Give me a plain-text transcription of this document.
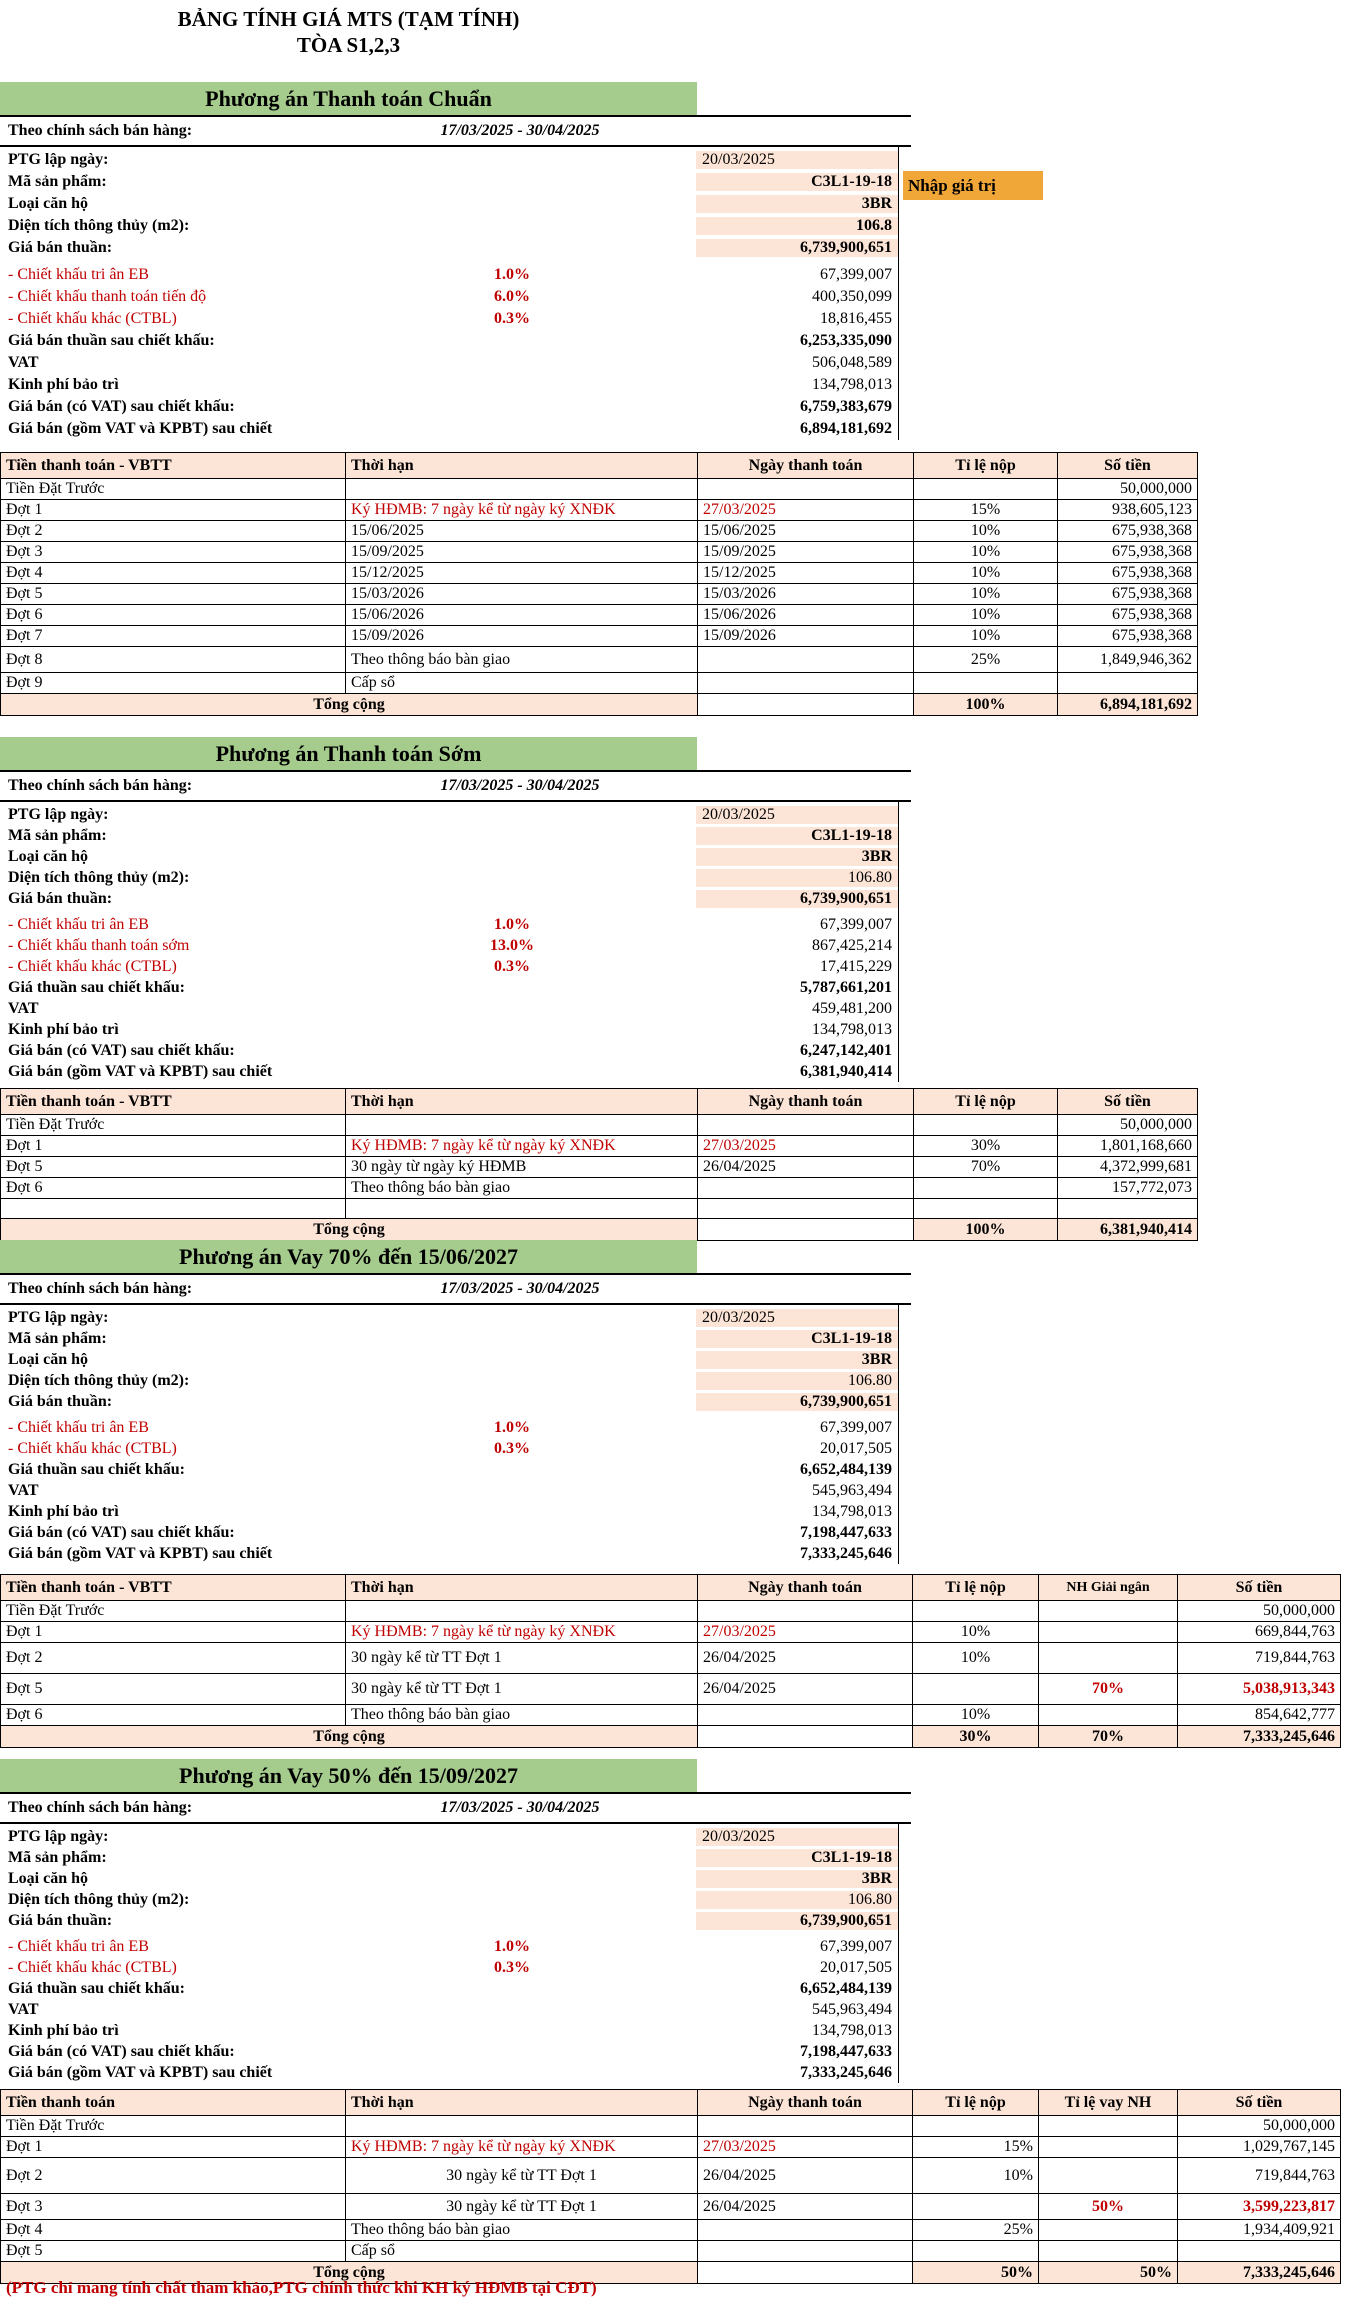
BẢNG TÍNH GIÁ MTS (TẠM TÍNH)
TÒA S1,2,3
Phương án Thanh toán Chuẩn
Theo chính sách bán hàng:	17/03/2025 - 30/04/2025
Nhập giá trị
PTG lập ngày:	20/03/2025
Mã sản phẩm:	C3L1-19-18
Loại căn hộ	3BR
Diện tích thông thủy (m2):	106.8
Giá bán thuần:	6,739,900,651
- Chiết khấu tri ân EB	1.0%	67,399,007
- Chiết khấu thanh toán tiến độ	6.0%	400,350,099
- Chiết khấu khác (CTBL)	0.3%	18,816,455
Giá bán thuần sau chiết khấu:	6,253,335,090
VAT	506,048,589
Kinh phí bảo trì	134,798,013
Giá bán (có VAT) sau chiết khấu:	6,759,383,679
Giá bán (gồm VAT và KPBT) sau chiết	6,894,181,692
Tiền thanh toán - VBTT	Thời hạn	Ngày thanh toán	Tỉ lệ nộp	Số tiền
Tiền Đặt Trước				50,000,000
Đợt 1	Ký HĐMB: 7 ngày kể từ ngày ký XNĐK	27/03/2025	15%	938,605,123
Đợt 2	15/06/2025	15/06/2025	10%	675,938,368
Đợt 3	15/09/2025	15/09/2025	10%	675,938,368
Đợt 4	15/12/2025	15/12/2025	10%	675,938,368
Đợt 5	15/03/2026	15/03/2026	10%	675,938,368
Đợt 6	15/06/2026	15/06/2026	10%	675,938,368
Đợt 7	15/09/2026	15/09/2026	10%	675,938,368
Đợt 8	Theo thông báo bàn giao		25%	1,849,946,362
Đợt 9	Cấp sổ			
Tổng cộng			100%	6,894,181,692
Phương án Thanh toán Sớm
Theo chính sách bán hàng:	17/03/2025 - 30/04/2025
PTG lập ngày:	20/03/2025
Mã sản phẩm:	C3L1-19-18
Loại căn hộ	3BR
Diện tích thông thủy (m2):	106.80
Giá bán thuần:	6,739,900,651
- Chiết khấu tri ân EB	1.0%	67,399,007
- Chiết khấu thanh toán sớm	13.0%	867,425,214
- Chiết khấu khác (CTBL)	0.3%	17,415,229
Giá thuần sau chiết khấu:	5,787,661,201
VAT	459,481,200
Kinh phí bảo trì	134,798,013
Giá bán (có VAT) sau chiết khấu:	6,247,142,401
Giá bán (gồm VAT và KPBT) sau chiết	6,381,940,414
Tiền thanh toán - VBTT	Thời hạn	Ngày thanh toán	Tỉ lệ nộp	Số tiền
Tiền Đặt Trước				50,000,000
Đợt 1	Ký HĐMB: 7 ngày kể từ ngày ký XNĐK	27/03/2025	30%	1,801,168,660
Đợt 5	30 ngày từ ngày ký HĐMB	26/04/2025	70%	4,372,999,681
Đợt 6	Theo thông báo bàn giao			157,772,073

Tổng cộng			100%	6,381,940,414
Phương án Vay 70% đến 15/06/2027
Theo chính sách bán hàng:	17/03/2025 - 30/04/2025
PTG lập ngày:	20/03/2025
Mã sản phẩm:	C3L1-19-18
Loại căn hộ	3BR
Diện tích thông thủy (m2):	106.80
Giá bán thuần:	6,739,900,651
- Chiết khấu tri ân EB	1.0%	67,399,007
- Chiết khấu khác (CTBL)	0.3%	20,017,505
Giá thuần sau chiết khấu:	6,652,484,139
VAT	545,963,494
Kinh phí bảo trì	134,798,013
Giá bán (có VAT) sau chiết khấu:	7,198,447,633
Giá bán (gồm VAT và KPBT) sau chiết	7,333,245,646
Tiền thanh toán - VBTT	Thời hạn	Ngày thanh toán	Tỉ lệ nộp	NH Giải ngân	Số tiền
Tiền Đặt Trước					50,000,000
Đợt 1	Ký HĐMB: 7 ngày kể từ ngày ký XNĐK	27/03/2025	10%		669,844,763
Đợt 2	30 ngày kể từ TT Đợt 1	26/04/2025	10%		719,844,763
Đợt 5	30 ngày kể từ TT Đợt 1	26/04/2025		70%	5,038,913,343
Đợt 6	Theo thông báo bàn giao		10%		854,642,777
Tổng cộng			30%	70%	7,333,245,646
Phương án Vay 50% đến 15/09/2027
Theo chính sách bán hàng:	17/03/2025 - 30/04/2025
PTG lập ngày:	20/03/2025
Mã sản phẩm:	C3L1-19-18
Loại căn hộ	3BR
Diện tích thông thủy (m2):	106.80
Giá bán thuần:	6,739,900,651
- Chiết khấu tri ân EB	1.0%	67,399,007
- Chiết khấu khác (CTBL)	0.3%	20,017,505
Giá thuần sau chiết khấu:	6,652,484,139
VAT	545,963,494
Kinh phí bảo trì	134,798,013
Giá bán (có VAT) sau chiết khấu:	7,198,447,633
Giá bán (gồm VAT và KPBT) sau chiết	7,333,245,646
Tiền thanh toán	Thời hạn	Ngày thanh toán	Tỉ lệ nộp	Tỉ lệ vay NH	Số tiền
Tiền Đặt Trước					50,000,000
Đợt 1	Ký HĐMB: 7 ngày kể từ ngày ký XNĐK	27/03/2025	15%		1,029,767,145
Đợt 2	30 ngày kể từ TT Đợt 1	26/04/2025	10%		719,844,763
Đợt 3	30 ngày kể từ TT Đợt 1	26/04/2025		50%	3,599,223,817
Đợt 4	Theo thông báo bàn giao		25%		1,934,409,921
Đợt 5	Cấp sổ				
Tổng cộng			50%	50%	7,333,245,646
(PTG chỉ mang tính chất tham khảo,PTG chính thức khi KH ký HĐMB tại CĐT)
